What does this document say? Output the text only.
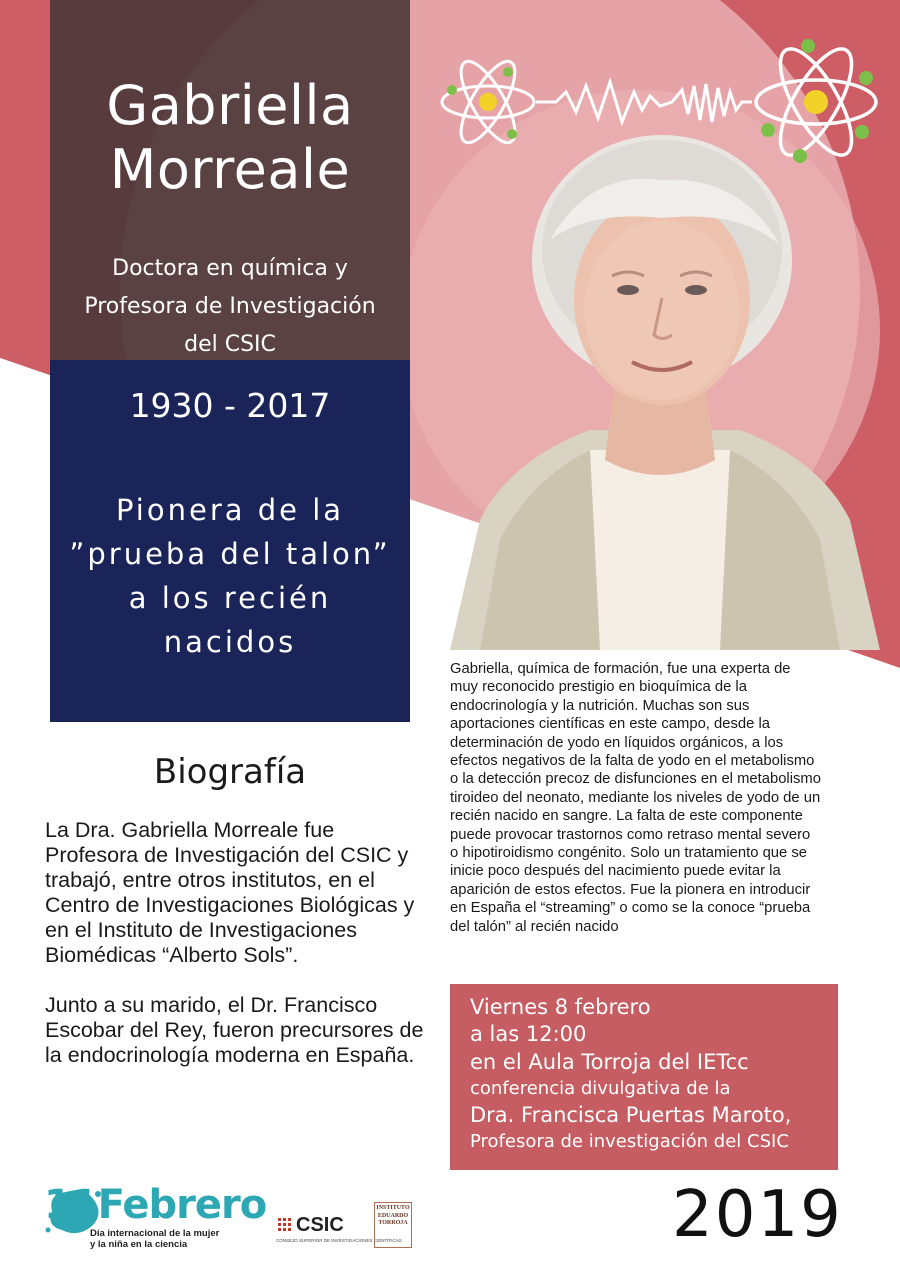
Gabriella
Morreale
Doctora en química y
Profesora de Investigación
del CSIC
Pionera de la
”prueba del talon”
a los recién
nacidos
1930 - 2017
Biografía

La Dra. Gabriella Morreale fue Profesora de Investigación del CSIC y trabajó, entre otros institutos, en el Centro de Investigaciones Biológicas y en el Instituto de Investigaciones Biomédicas “Alberto Sols”.

Junto a su marido, el Dr. Francisco Escobar del Rey, fueron precursores de la endocrinología moderna en España.

Gabriella, química de formación, fue una experta de muy reconocido prestigio en bioquímica de la endocrinología y la nutrición. Muchas son sus aportaciones científicas en este campo, desde la determinación de yodo en líquidos orgánicos, a los efectos negativos de la falta de yodo en el metabolismo o la detección precoz de disfunciones en el metabolismo tiroideo del neonato, mediante los niveles de yodo de un recién nacido en sangre. La falta de este componente puede provocar trastornos como retraso mental severo o hipotiroidismo congénito. Solo un tratamiento que se inicie poco después del nacimiento puede evitar la aparición de estos efectos. Fue la pionera en introducir en España el “streaming” o como se la conoce “prueba del talón” al recién nacido
Viernes 8 febrero
a las 12:00
en el Aula Torroja del IETcc
conferencia divulgativa de la
Dra. Francisca Puertas Maroto,
Profesora de investigación del CSIC
2019
11Febrero
Día internacional de la mujer
y la niña en la ciencia
CSIC
CONSEJO SUPERIOR DE INVESTIGACIONES CIENTÍFICAS
INSTITUTO
EDUARDO
TORROJA
